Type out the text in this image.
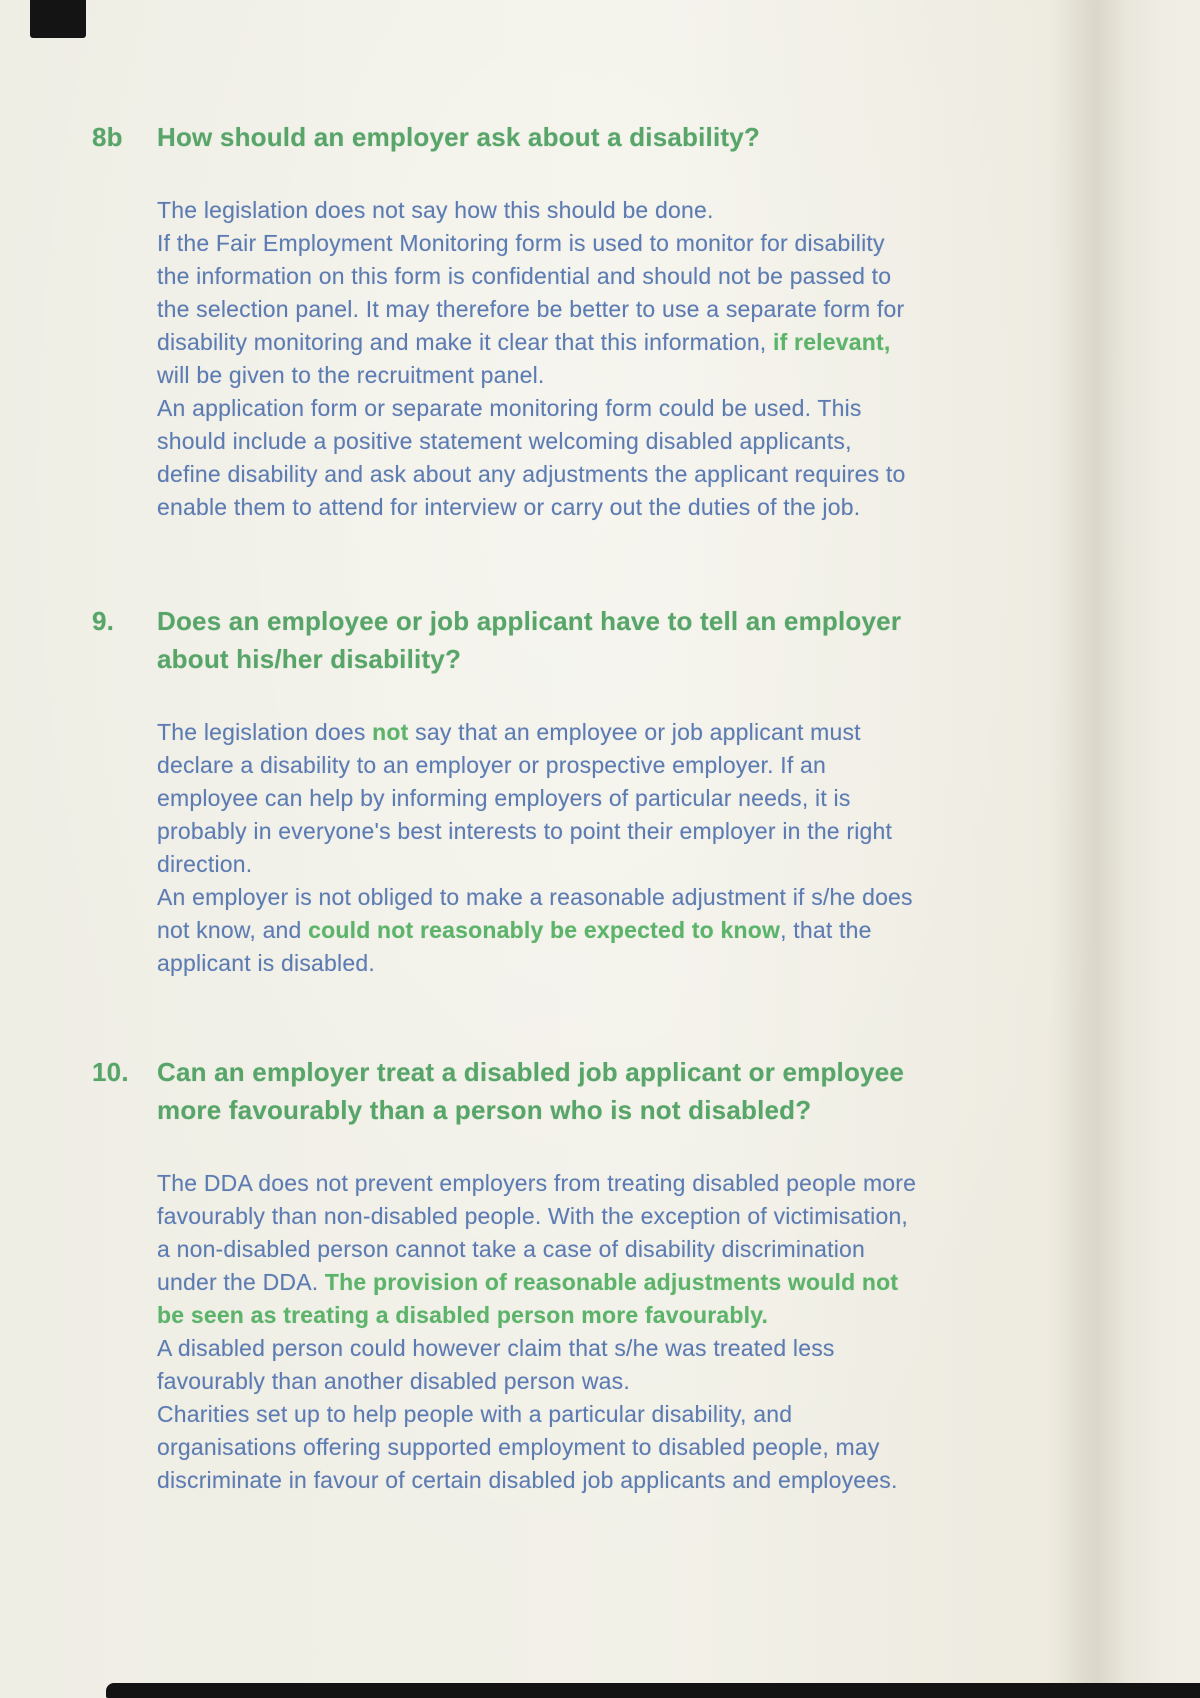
8b	How should an employer ask about a disability?
The legislation does not say how this should be done.
If the Fair Employment Monitoring form is used to monitor for disability
the information on this form is confidential and should not be passed to
the selection panel. It may therefore be better to use a separate form for
disability monitoring and make it clear that this information, if relevant,
will be given to the recruitment panel.
An application form or separate monitoring form could be used. This
should include a positive statement welcoming disabled applicants,
define disability and ask about any adjustments the applicant requires to
enable them to attend for interview or carry out the duties of the job.
9.	Does an employee or job applicant have to tell an employer
about his/her disability?
The legislation does not say that an employee or job applicant must
declare a disability to an employer or prospective employer. If an
employee can help by informing employers of particular needs, it is
probably in everyone's best interests to point their employer in the right
direction.
An employer is not obliged to make a reasonable adjustment if s/he does
not know, and could not reasonably be expected to know, that the
applicant is disabled.
10.	Can an employer treat a disabled job applicant or employee
more favourably than a person who is not disabled?
The DDA does not prevent employers from treating disabled people more
favourably than non-disabled people. With the exception of victimisation,
a non-disabled person cannot take a case of disability discrimination
under the DDA. The provision of reasonable adjustments would not
be seen as treating a disabled person more favourably.
A disabled person could however claim that s/he was treated less
favourably than another disabled person was.
Charities set up to help people with a particular disability, and
organisations offering supported employment to disabled people, may
discriminate in favour of certain disabled job applicants and employees.
